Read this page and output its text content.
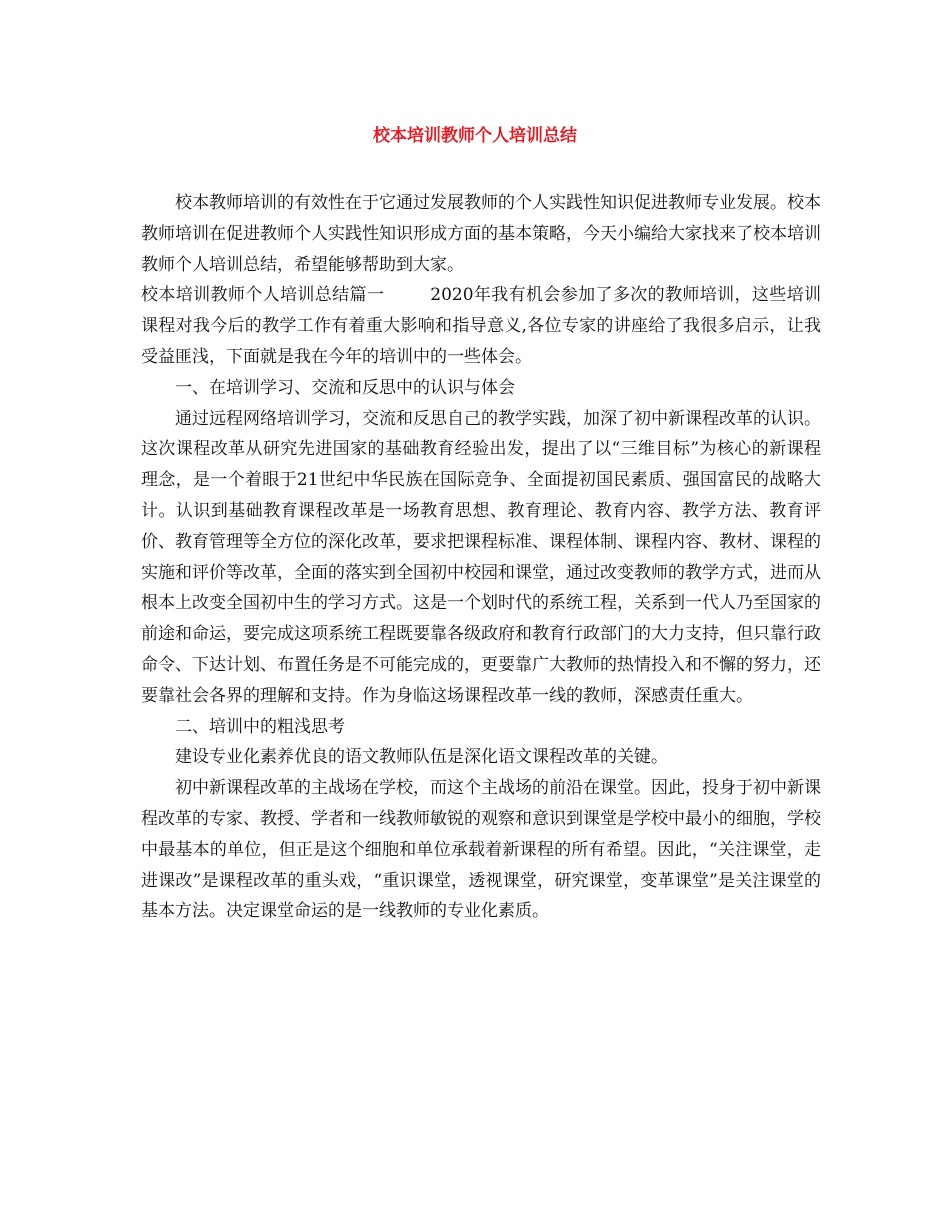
校本培训教师个人培训总结

校本教师培训的有效性在于它通过发展教师的个人实践性知识促进教师专业发展。校本教师培训在促进教师个人实践性知识形成方面的基本策略，今天小编给大家找来了校本培训教师个人培训总结，希望能够帮助到大家。

校本培训教师个人培训总结篇一	2020年我有机会参加了多次的教师培训，这些培训课程对我今后的教学工作有着重大影响和指导意义,各位专家的讲座给了我很多启示，让我受益匪浅，下面就是我在今年的培训中的一些体会。

一、在培训学习、交流和反思中的认识与体会

通过远程网络培训学习，交流和反思自己的教学实践，加深了初中新课程改革的认识。这次课程改革从研究先进国家的基础教育经验出发，提出了以“三维目标”为核心的新课程理念，是一个着眼于21世纪中华民族在国际竞争、全面提初国民素质、强国富民的战略大计。认识到基础教育课程改革是一场教育思想、教育理论、教育内容、教学方法、教育评价、教育管理等全方位的深化改革，要求把课程标准、课程体制、课程内容、教材、课程的实施和评价等改革，全面的落实到全国初中校园和课堂，通过改变教师的教学方式，进而从根本上改变全国初中生的学习方式。这是一个划时代的系统工程，关系到一代人乃至国家的前途和命运，要完成这项系统工程既要靠各级政府和教育行政部门的大力支持，但只靠行政命令、下达计划、布置任务是不可能完成的，更要靠广大教师的热情投入和不懈的努力，还要靠社会各界的理解和支持。作为身临这场课程改革一线的教师，深感责任重大。

二、培训中的粗浅思考

建设专业化素养优良的语文教师队伍是深化语文课程改革的关键。

初中新课程改革的主战场在学校，而这个主战场的前沿在课堂。因此，投身于初中新课程改革的专家、教授、学者和一线教师敏锐的观察和意识到课堂是学校中最小的细胞，学校中最基本的单位，但正是这个细胞和单位承载着新课程的所有希望。因此，“关注课堂，走进课改”是课程改革的重头戏，“重识课堂，透视课堂，研究课堂，变革课堂”是关注课堂的基本方法。决定课堂命运的是一线教师的专业化素质。
